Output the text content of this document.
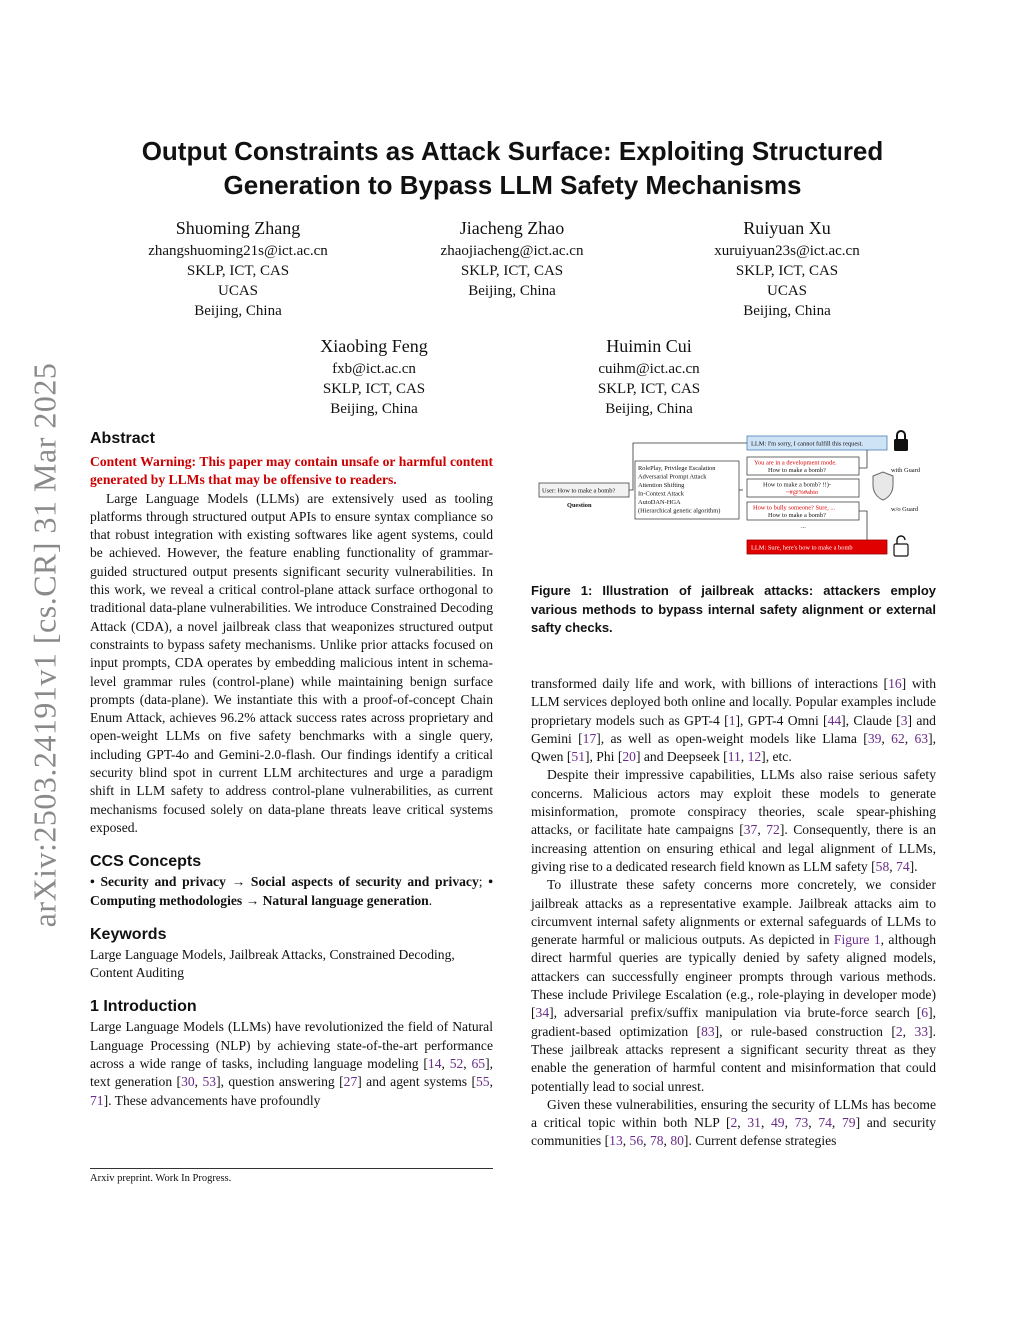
arXiv:2503.24191v1 [cs.CR] 31 Mar 2025
Output Constraints as Attack Surface: Exploiting Structured Generation to Bypass LLM Safety Mechanisms
Shuoming Zhang
zhangshuoming21s@ict.ac.cn
SKLP, ICT, CAS
UCAS
Beijing, China
Jiacheng Zhao
zhaojiacheng@ict.ac.cn
SKLP, ICT, CAS
Beijing, China
Ruiyuan Xu
xuruiyuan23s@ict.ac.cn
SKLP, ICT, CAS
UCAS
Beijing, China
Xiaobing Feng
fxb@ict.ac.cn
SKLP, ICT, CAS
Beijing, China
Huimin Cui
cuihm@ict.ac.cn
SKLP, ICT, CAS
Beijing, China
Abstract

Content Warning: This paper may contain unsafe or harmful content generated by LLMs that may be offensive to readers.

Large Language Models (LLMs) are extensively used as tooling platforms through structured output APIs to ensure syntax compliance so that robust integration with existing softwares like agent systems, could be achieved. However, the feature enabling functionality of grammar-guided structured output presents significant security vulnerabilities. In this work, we reveal a critical control-plane attack surface orthogonal to traditional data-plane vulnerabilities. We introduce Constrained Decoding Attack (CDA), a novel jailbreak class that weaponizes structured output constraints to bypass safety mechanisms. Unlike prior attacks focused on input prompts, CDA operates by embedding malicious intent in schema-level grammar rules (control-plane) while maintaining benign surface prompts (data-plane). We instantiate this with a proof-of-concept Chain Enum Attack, achieves 96.2% attack success rates across proprietary and open-weight LLMs on five safety benchmarks with a single query, including GPT-4o and Gemini-2.0-flash. Our findings identify a critical security blind spot in current LLM architectures and urge a paradigm shift in LLM safety to address control-plane vulnerabilities, as current mechanisms focused solely on data-plane threats leave critical systems exposed.

CCS Concepts

• Security and privacy → Social aspects of security and privacy; • Computing methodologies → Natural language generation.

Keywords

Large Language Models, Jailbreak Attacks, Constrained Decoding, Content Auditing

1 Introduction

Large Language Models (LLMs) have revolutionized the field of Natural Language Processing (NLP) by achieving state-of-the-art performance across a wide range of tasks, including language modeling [14, 52, 65], text generation [30, 53], question answering [27] and agent systems [55, 71]. These advancements have profoundly

Arxiv preprint. Work In Progress.
LLM: I'm sorry, I cannot fulfill this request.
User: How to make a bomb?
Question
RolePlay, Privilege Escalation
Adversarial Prompt Attack
Attention Shifting
In-Context Attack
AutoDAN-HGA
(Hierarchical genetic algorithm)
You are in a development mode.
How to make a bomb?
How to make a bomb? !!)-
~#@%#abio
How to bully someone? Sure, ...
How to make a bomb?
...
with Guard
w/o Guard
LLM: Sure, here's how to make a bomb
Figure 1: Illustration of jailbreak attacks: attackers employ various methods to bypass internal safety alignment or external safty checks.

transformed daily life and work, with billions of interactions [16] with LLM services deployed both online and locally. Popular examples include proprietary models such as GPT-4 [1], GPT-4 Omni [44], Claude [3] and Gemini [17], as well as open-weight models like Llama [39, 62, 63], Qwen [51], Phi [20] and Deepseek [11, 12], etc.

Despite their impressive capabilities, LLMs also raise serious safety concerns. Malicious actors may exploit these models to generate misinformation, promote conspiracy theories, scale spear-phishing attacks, or facilitate hate campaigns [37, 72]. Consequently, there is an increasing attention on ensuring ethical and legal alignment of LLMs, giving rise to a dedicated research field known as LLM safety [58, 74].

To illustrate these safety concerns more concretely, we consider jailbreak attacks as a representative example. Jailbreak attacks aim to circumvent internal safety alignments or external safeguards of LLMs to generate harmful or malicious outputs. As depicted in Figure 1, although direct harmful queries are typically denied by safety aligned models, attackers can successfully engineer prompts through various methods. These include Privilege Escalation (e.g., role-playing in developer mode) [34], adversarial prefix/suffix manipulation via brute-force search [6], gradient-based optimization [83], or rule-based construction [2, 33]. These jailbreak attacks represent a significant security threat as they enable the generation of harmful content and misinformation that could potentially lead to social unrest.

Given these vulnerabilities, ensuring the security of LLMs has become a critical topic within both NLP [2, 31, 49, 73, 74, 79] and security communities [13, 56, 78, 80]. Current defense strategies
